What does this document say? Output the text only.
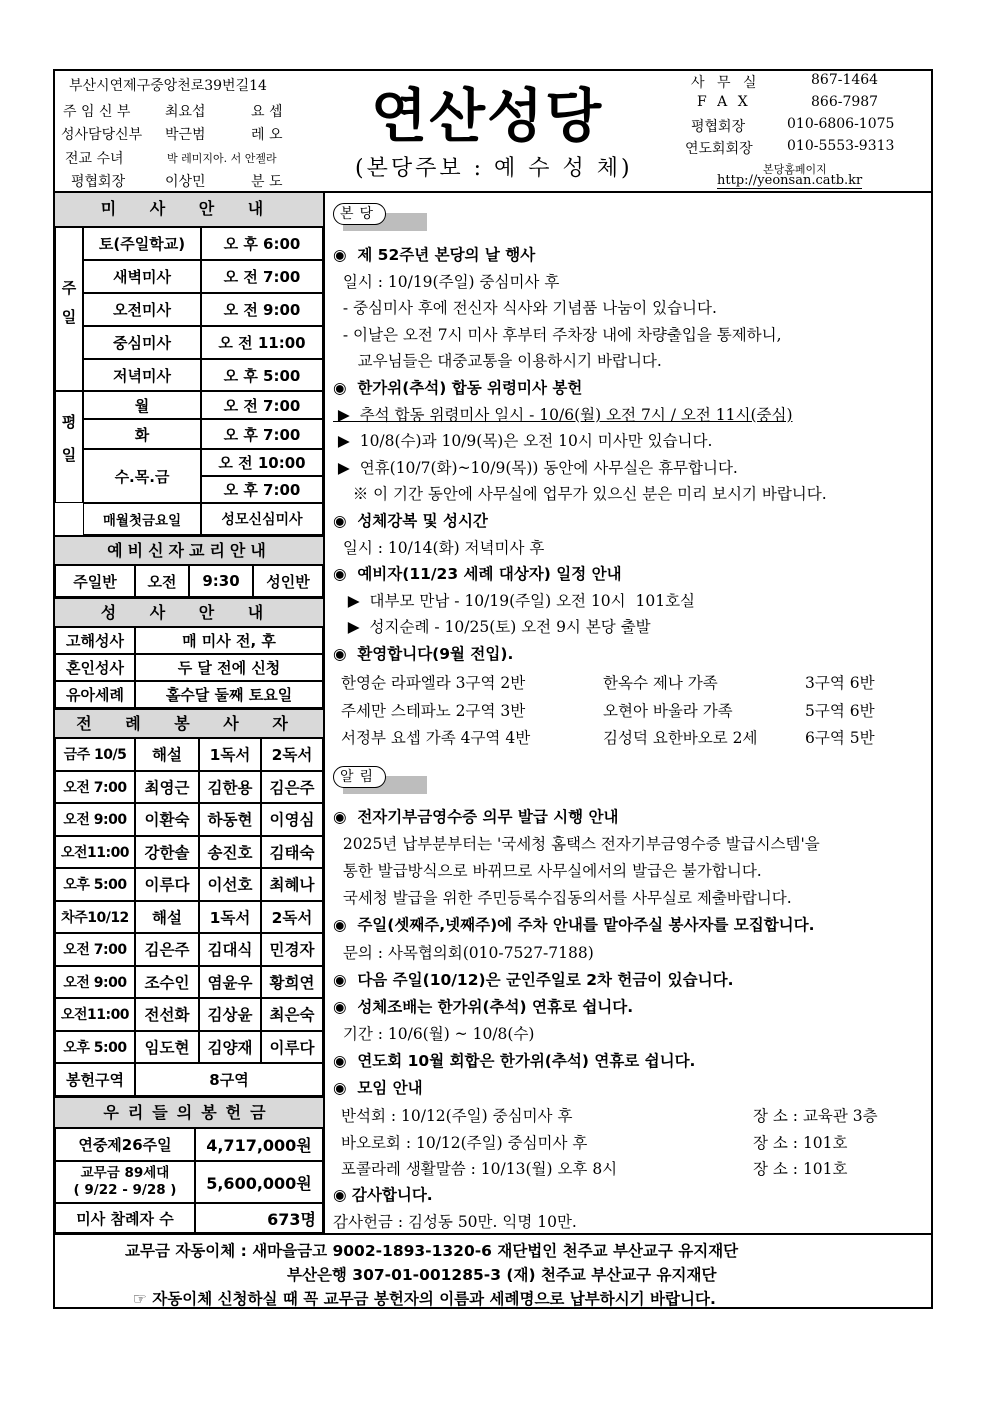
부산시연제구중앙천로39번길14
주 임 신 부 최요섭	요 셉
성사담당신부 박근범	레 오
전교 수녀	박 레미지아. 서 안젤라
평협회장	이상민	분 도
연산성당
(본당주보 : 예 수 성 체)
사 무 실	867-1464
F A X	866-7987
평협회장	010-6806-1075
연도회회장 010-5553-9313
본당홈페이지
http://yeonsan.catb.kr
미 사 안 내
주일
토(주일학교)	오 후 6:00
새벽미사	오 전 7:00
오전미사	오 전 9:00
중심미사	오 전 11:00
저녁미사	오 후 5:00
평일
월	오 전 7:00
화	오 후 7:00
수.목.금
오 전 10:00
오 후 7:00
매월첫금요일	성모신심미사
예비신자교리안내
주일반	오전	9:30	성인반
성 사 안 내
고해성사	매 미사 전, 후
혼인성사	두 달 전에 신청
유아세례	홀수달 둘째 토요일
전 례 봉 사 자
금주 10/5	해설	1독서	2독서
오전 7:00	최영근	김한용	김은주
오전 9:00	이환숙	하동현	이영심
오전11:00 강한솔	송진호	김태숙
오후 5:00	이루다	이선호	최혜나
차주10/12	해설	1독서	2독서
오전 7:00	김은주	김대식	민경자
오전 9:00	조수인	염윤우	황희연
오전11:00 전선화	김상윤	최은숙
오후 5:00	임도현	김양재	이루다
봉헌구역	8구역
우리들의봉헌금
연중제26주일	4,717,000원
교무금 89세대
( 9/22 - 9/28 )	5,600,000원
미사 참례자 수	673명
본당
◉  제 52주년 본당의 날 행사
일시 : 10/19(주일) 중심미사 후
- 중심미사 후에 전신자 식사와 기념품 나눔이 있습니다.
- 이날은 오전 7시 미사 후부터 주차장 내에 차량출입을 통제하니,
교우님들은 대중교통을 이용하시기 바랍니다.
◉  한가위(추석) 합동 위령미사 봉헌
▶  추석 합동 위령미사 일시 - 10/6(월) 오전 7시 / 오전 11시(중심)
▶  10/8(수)과 10/9(목)은 오전 10시 미사만 있습니다.
▶  연휴(10/7(화)~10/9(목)) 동안에 사무실은 휴무합니다.
※ 이 기간 동안에 사무실에 업무가 있으신 분은 미리 보시기 바랍니다.
◉  성체강복 및 성시간
일시 : 10/14(화) 저녁미사 후
◉  예비자(11/23 세례 대상자) 일정 안내
▶  대부모 만남 - 10/19(주일) 오전 10시  101호실
▶  성지순례 - 10/25(토) 오전 9시 본당 출발
◉  환영합니다(9월 전입).
한영순 라파엘라 3구역 2반	한옥수 제나 가족	3구역 6반
주세만 스테파노 2구역 3반	오현아 바울라 가족	5구역 6반
서정부 요셉 가족 4구역 4반	김성덕 요한바오로 2세	6구역 5반
알림
◉  전자기부금영수증 의무 발급 시행 안내
2025년 납부분부터는 '국세청 홈택스 전자기부금영수증 발급시스템'을
통한 발급방식으로 바뀌므로 사무실에서의 발급은 불가합니다.
국세청 발급을 위한 주민등록수집동의서를 사무실로 제출바랍니다.
◉  주일(셋째주,넷째주)에 주차 안내를 맡아주실 봉사자를 모집합니다.
문의 : 사목협의회(010-7527-7188)
◉  다음 주일(10/12)은 군인주일로 2차 헌금이 있습니다.
◉  성체조배는 한가위(추석) 연휴로 쉽니다.
기간 : 10/6(월) ~ 10/8(수)
◉  연도회 10월 회합은 한가위(추석) 연휴로 쉽니다.
◉  모임 안내
반석회 : 10/12(주일) 중심미사 후	장 소 : 교육관 3층
바오로회 : 10/12(주일) 중심미사 후	장 소 : 101호
포콜라레 생활말씀 : 10/13(월) 오후 8시	장 소 : 101호
◉ 감사합니다.
감사헌금 : 김성동 50만. 익명 10만.
교무금 자동이체 : 새마을금고 9002-1893-1320-6 재단법인 천주교 부산교구 유지재단
부산은행 307-01-001285-3 (재) 천주교 부산교구 유지재단
☞ 자동이체 신청하실 때 꼭 교무금 봉헌자의 이름과 세례명으로 납부하시기 바랍니다.
